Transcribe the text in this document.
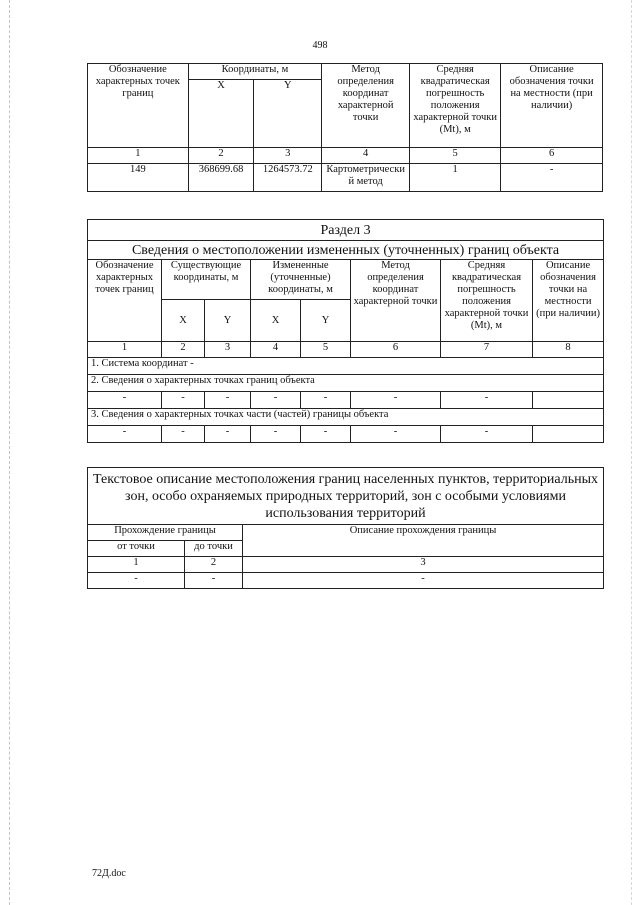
498
Обозначение характерных точек границ	Координаты, м		Метод определения координат характерной точки	Средняя квадратическая погрешность положения характерной точки (Mt), м	Описание обозначения точки на местности (при наличии)
	X	Y			
1	2	3	4	5	6
149	368699.68	1264573.72	Картометрический метод	1	-
Раздел 3							
Сведения о местоположении измененных (уточненных) границ объекта							
Обозначение характерных точек границ	Существующие координаты, м		Измененные (уточненные) координаты, м		Метод определения координат характерной точки	Средняя квадратическая погрешность положения характерной точки (Mt), м	Описание обозначения точки на местности (при наличии)
	X	Y	X	Y			
1	2	3	4	5	6	7	8
1. Система координат -							
2. Сведения о характерных точках границ объекта							
-	-	-	-	-	-	-	
3. Сведения о характерных точках части (частей) границы объекта							
-	-	-	-	-	-	-	
Текстовое описание местоположения границ населенных пунктов, территориальных зон, особо охраняемых природных территорий, зон с особыми условиями использования территорий		
Прохождение границы		Описание прохождения границы
от точки	до точки	
1	2	3
-	-	-
72Д.doc
